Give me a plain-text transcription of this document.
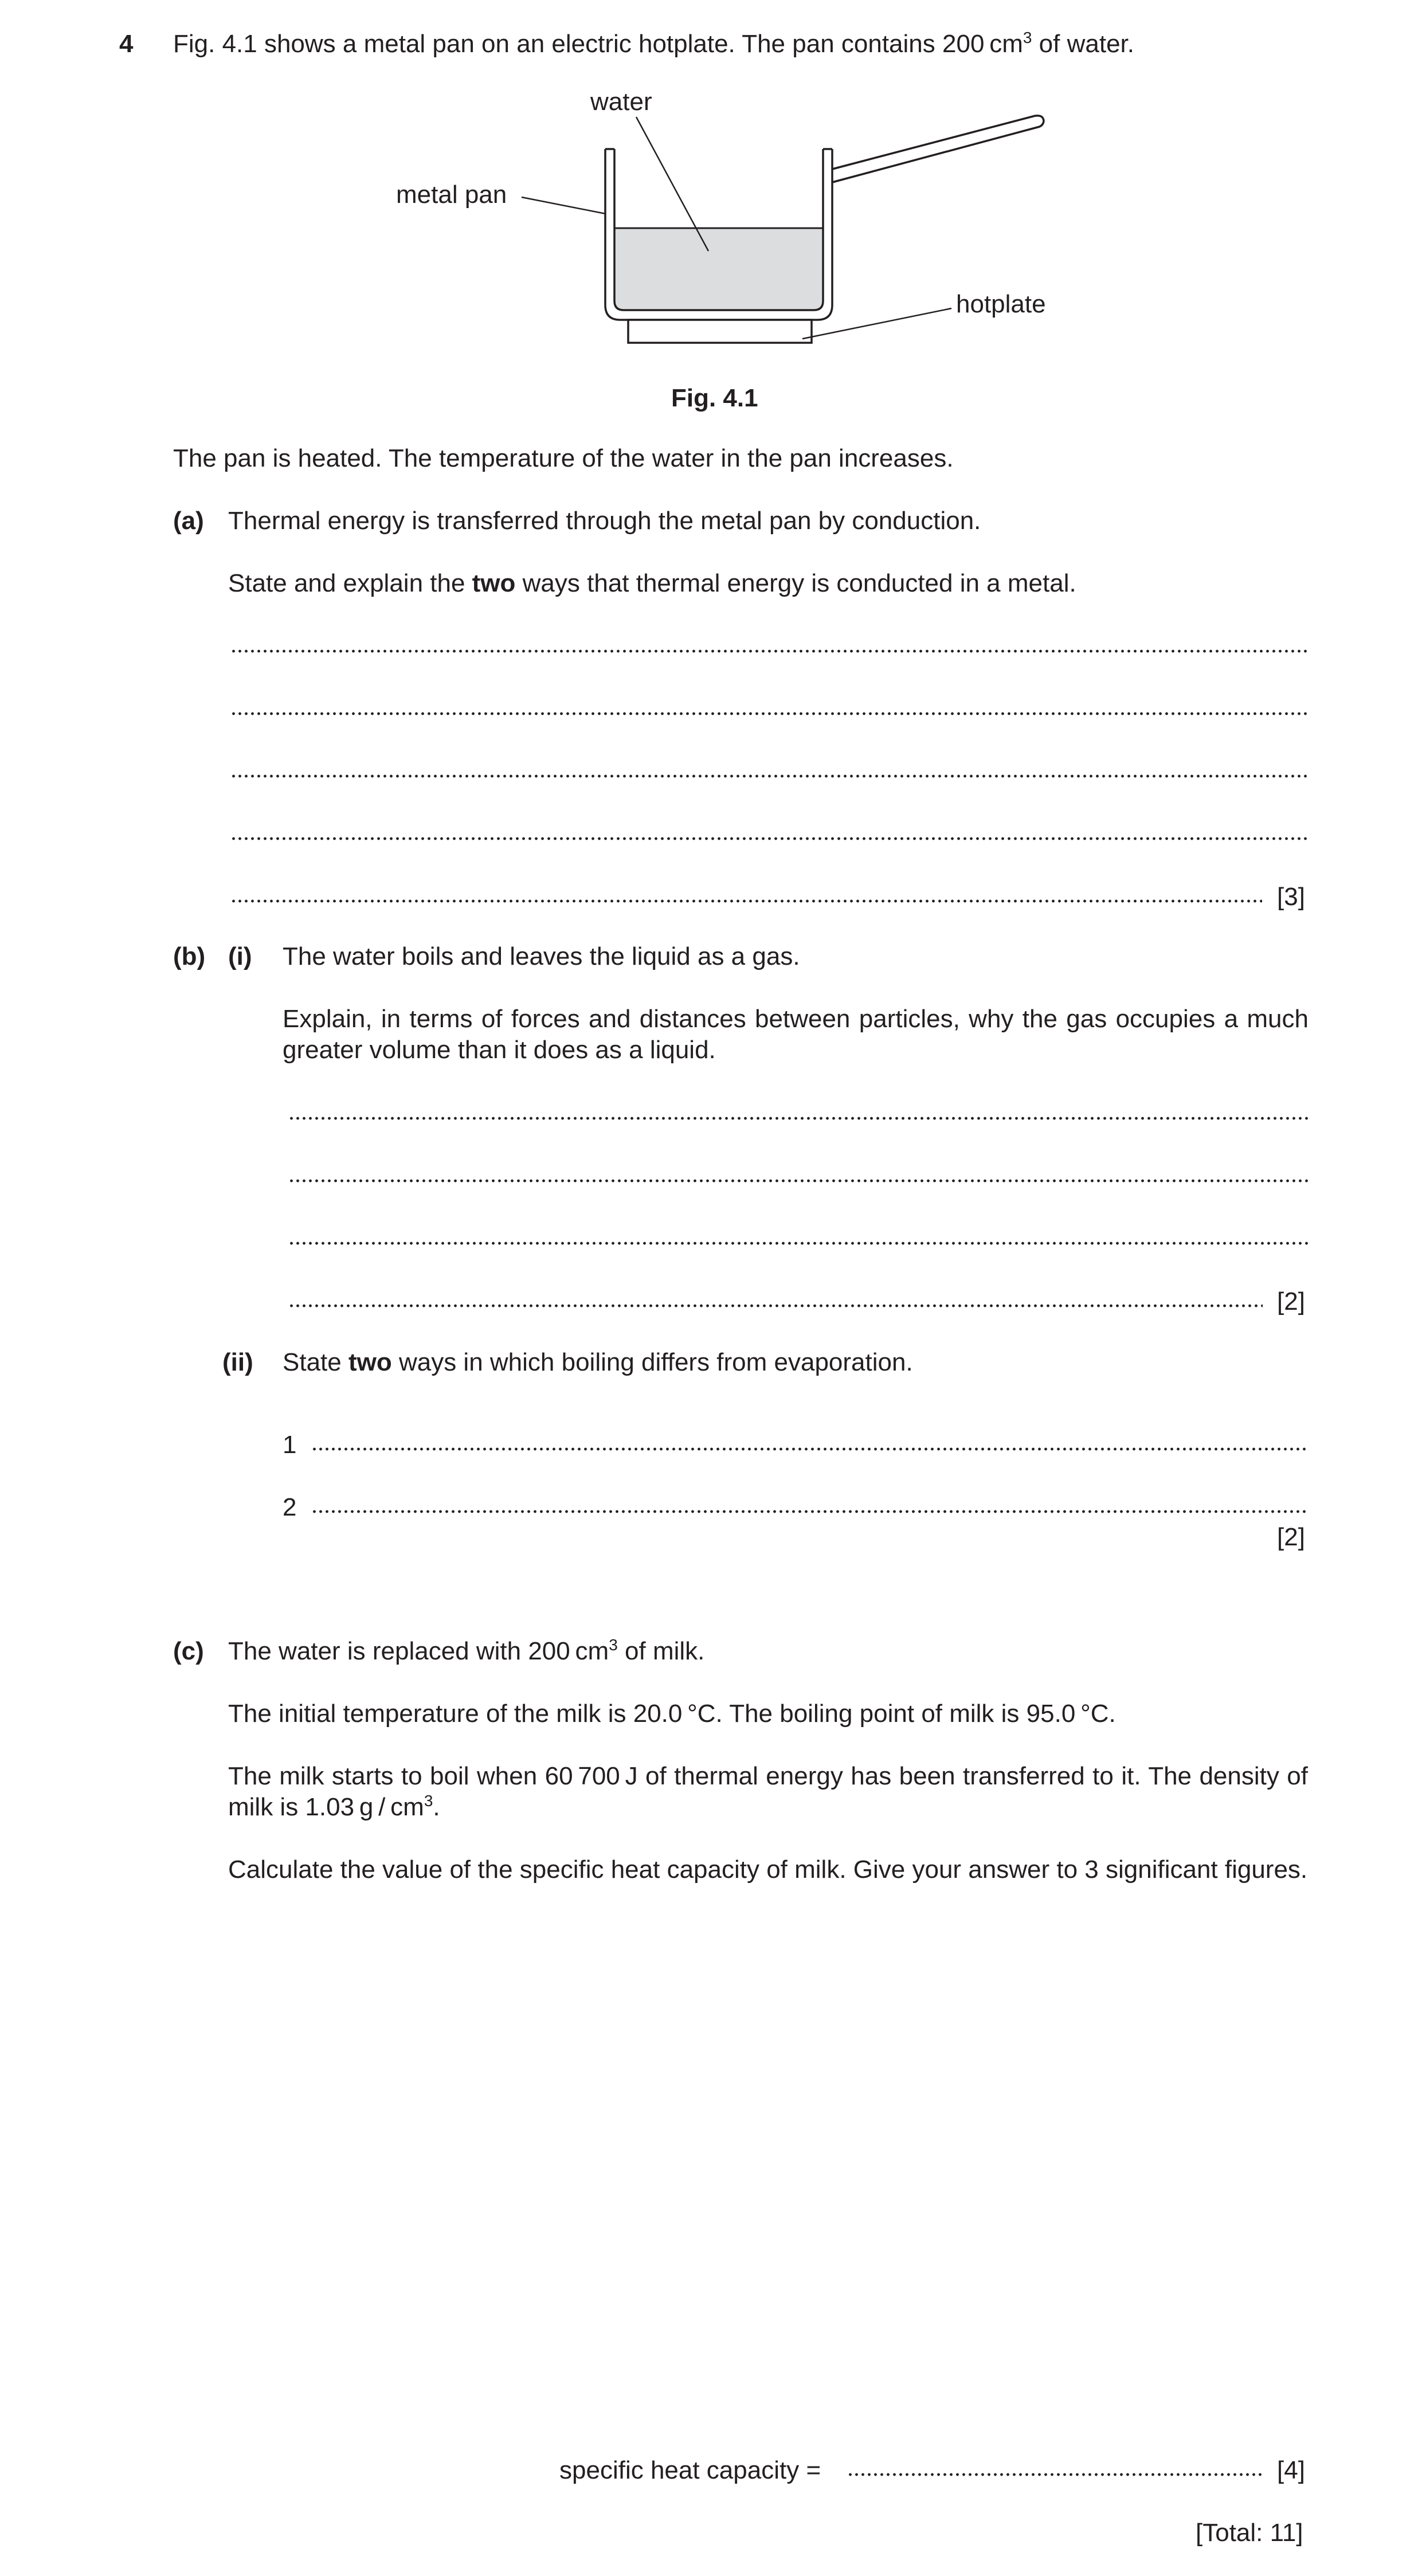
4 Fig. 4.1 shows a metal pan on an electric hotplate. The pan contains 200 $cm^3$ of water.
water
metal pan
hotplate
Fig. 4.1
The pan is heated. The temperature of the water in the pan increases.
(a) Thermal energy is transferred through the metal pan by conduction.
State and explain the two ways that thermal energy is conducted in a metal.
[3]
(b) (i) The water boils and leaves the liquid as a gas.
Explain, in terms of forces and distances between particles, why the gas occupies a much greater volume than it does as a liquid.
[2]
(ii) State two ways in which boiling differs from evaporation.
1
2
[2]
(c) The water is replaced with 200 $cm^3$ of milk.
The initial temperature of the milk is 20.0 °C. The boiling point of milk is 95.0 °C.
The milk starts to boil when 60 700 J of thermal energy has been transferred to it. The density of milk is 1.03 g / $cm^3$.
Calculate the value of the specific heat capacity of milk. Give your answer to 3 significant figures.
specific heat capacity =	[4]
[Total: 11]
